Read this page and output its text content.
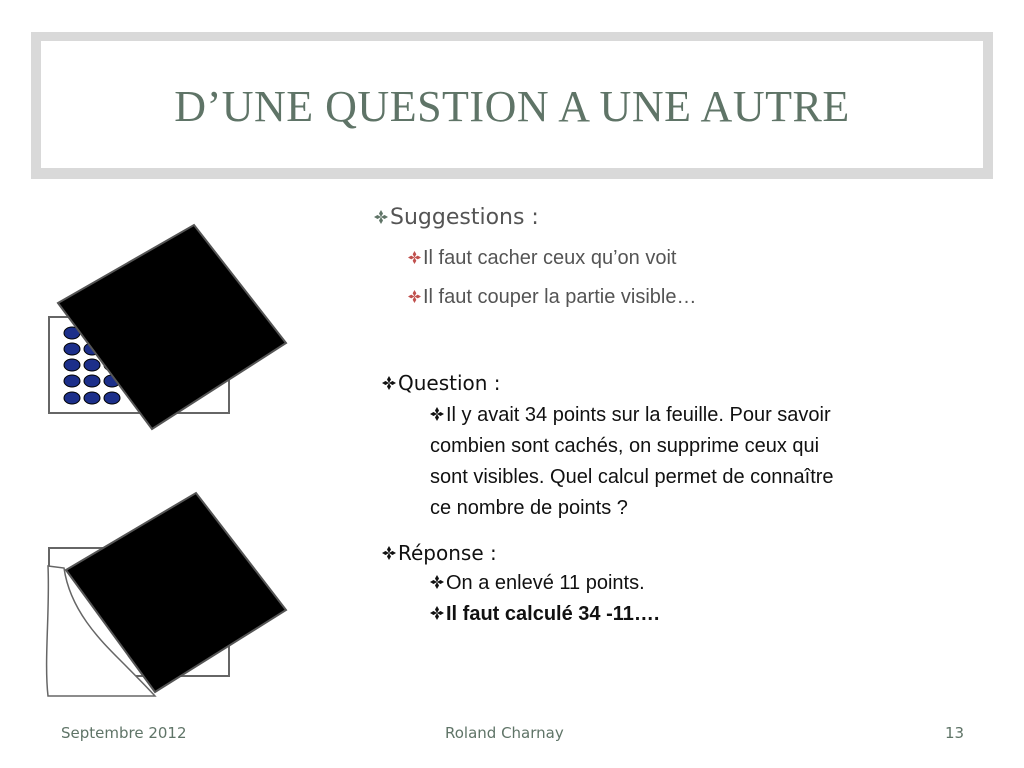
D’UNE QUESTION A UNE AUTRE
Suggestions :
Il faut cacher ceux qu’on voit
Il faut couper la partie visible…
Question :
Il y avait 34 points sur la feuille. Pour savoir
combien sont cachés, on supprime ceux qui
sont visibles. Quel calcul permet de connaître
ce nombre de points ?
Réponse :
On a enlevé 11 points.
Il faut calculé 34 -11….
Septembre 2012	Roland Charnay	13
